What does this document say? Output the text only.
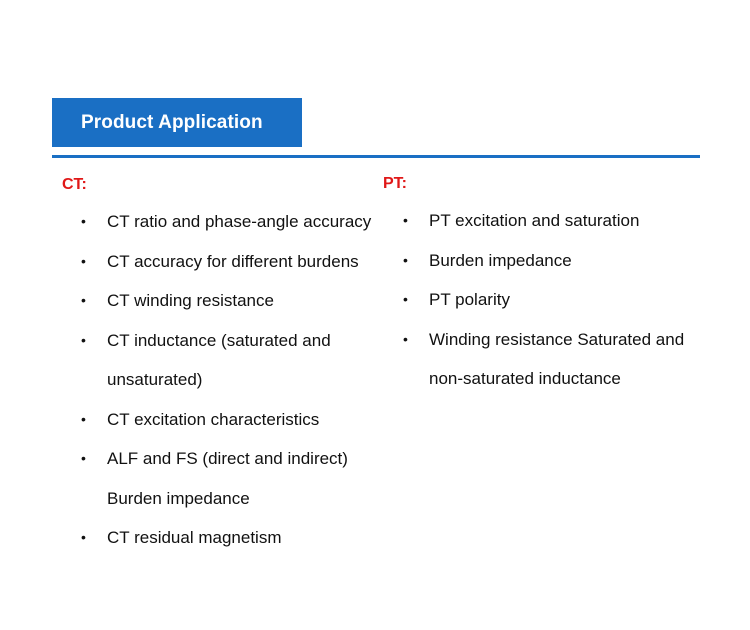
Product Application
CT:
• CT ratio and phase-angle accuracy
• CT accuracy for different burdens
• CT winding resistance
• CT inductance (saturated and unsaturated)
• CT excitation characteristics
• ALF and FS (direct and indirect) Burden impedance
• CT residual magnetism
PT:
• PT excitation and saturation
• Burden impedance
• PT polarity
• Winding resistance Saturated and non-saturated inductance
